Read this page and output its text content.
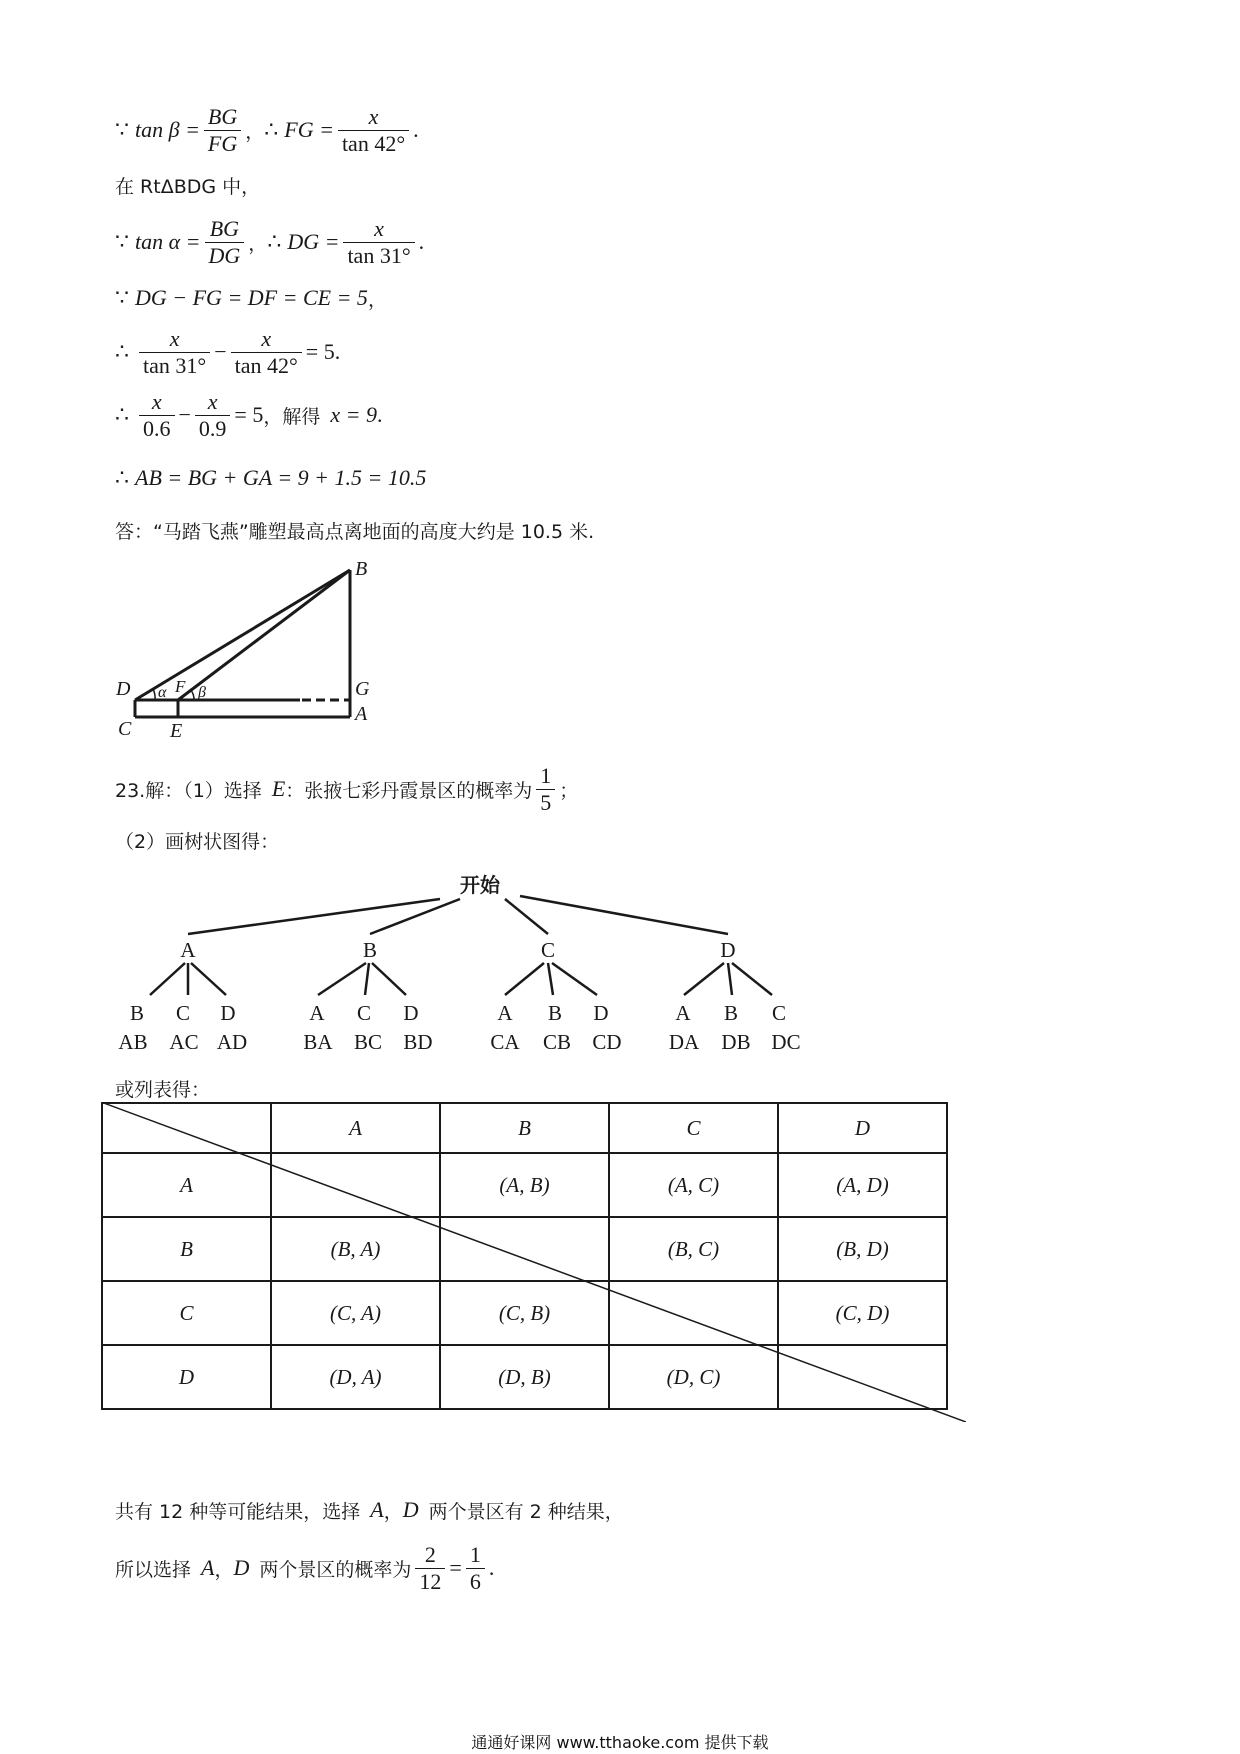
∵ $\tan \beta = \frac{BG}{FG}$ ， ∴ FG = $\frac{x}{\tan 42^\circ}$ .
在 RtΔBDG 中，
∵ $\tan \alpha = \frac{BG}{DG}$ ， ∴ DG = $\frac{x}{\tan 31^\circ}$ .
∵ DG − FG = DF = CE = 5 ，
∴ $\frac{x}{\tan 31^\circ} - \frac{x}{\tan 42^\circ} = 5$.
∴ $\frac{x}{0.6} - \frac{x}{0.9} = 5$ ，解得 x = 9 .
∴ AB = BG + GA = 9 + 1.5 = 10.5
答：“马踏飞燕”雕塑最高点离地面的高度大约是 10.5 米.
B
D
C E
F	G
A
α β
23.解：（1）选择 E ：张掖七彩丹霞景区的概率为 $\frac{1}{5}$ ；
（2）画树状图得：
开始
A	B	C	D
B C D	A C D	A B D	A B C
AB AC AD	BA BC BD	CA CB CD DA DB DC
或列表得：
	A	B	C	D
A		(A, B)	(A, C)	(A, D)
B	(B, A)		(B, C)	(B, D)
C	(C, A)	(C, B)		(C, D)
D	(D, A)	(D, B)	(D, C)	
共有 12 种等可能结果，选择 A ， D 两个景区有 2 种结果，
所以选择 A ， D 两个景区的概率为 $\frac{2}{12} = \frac{1}{6}$ .
通通好课网 www.tthaoke.com 提供下载
